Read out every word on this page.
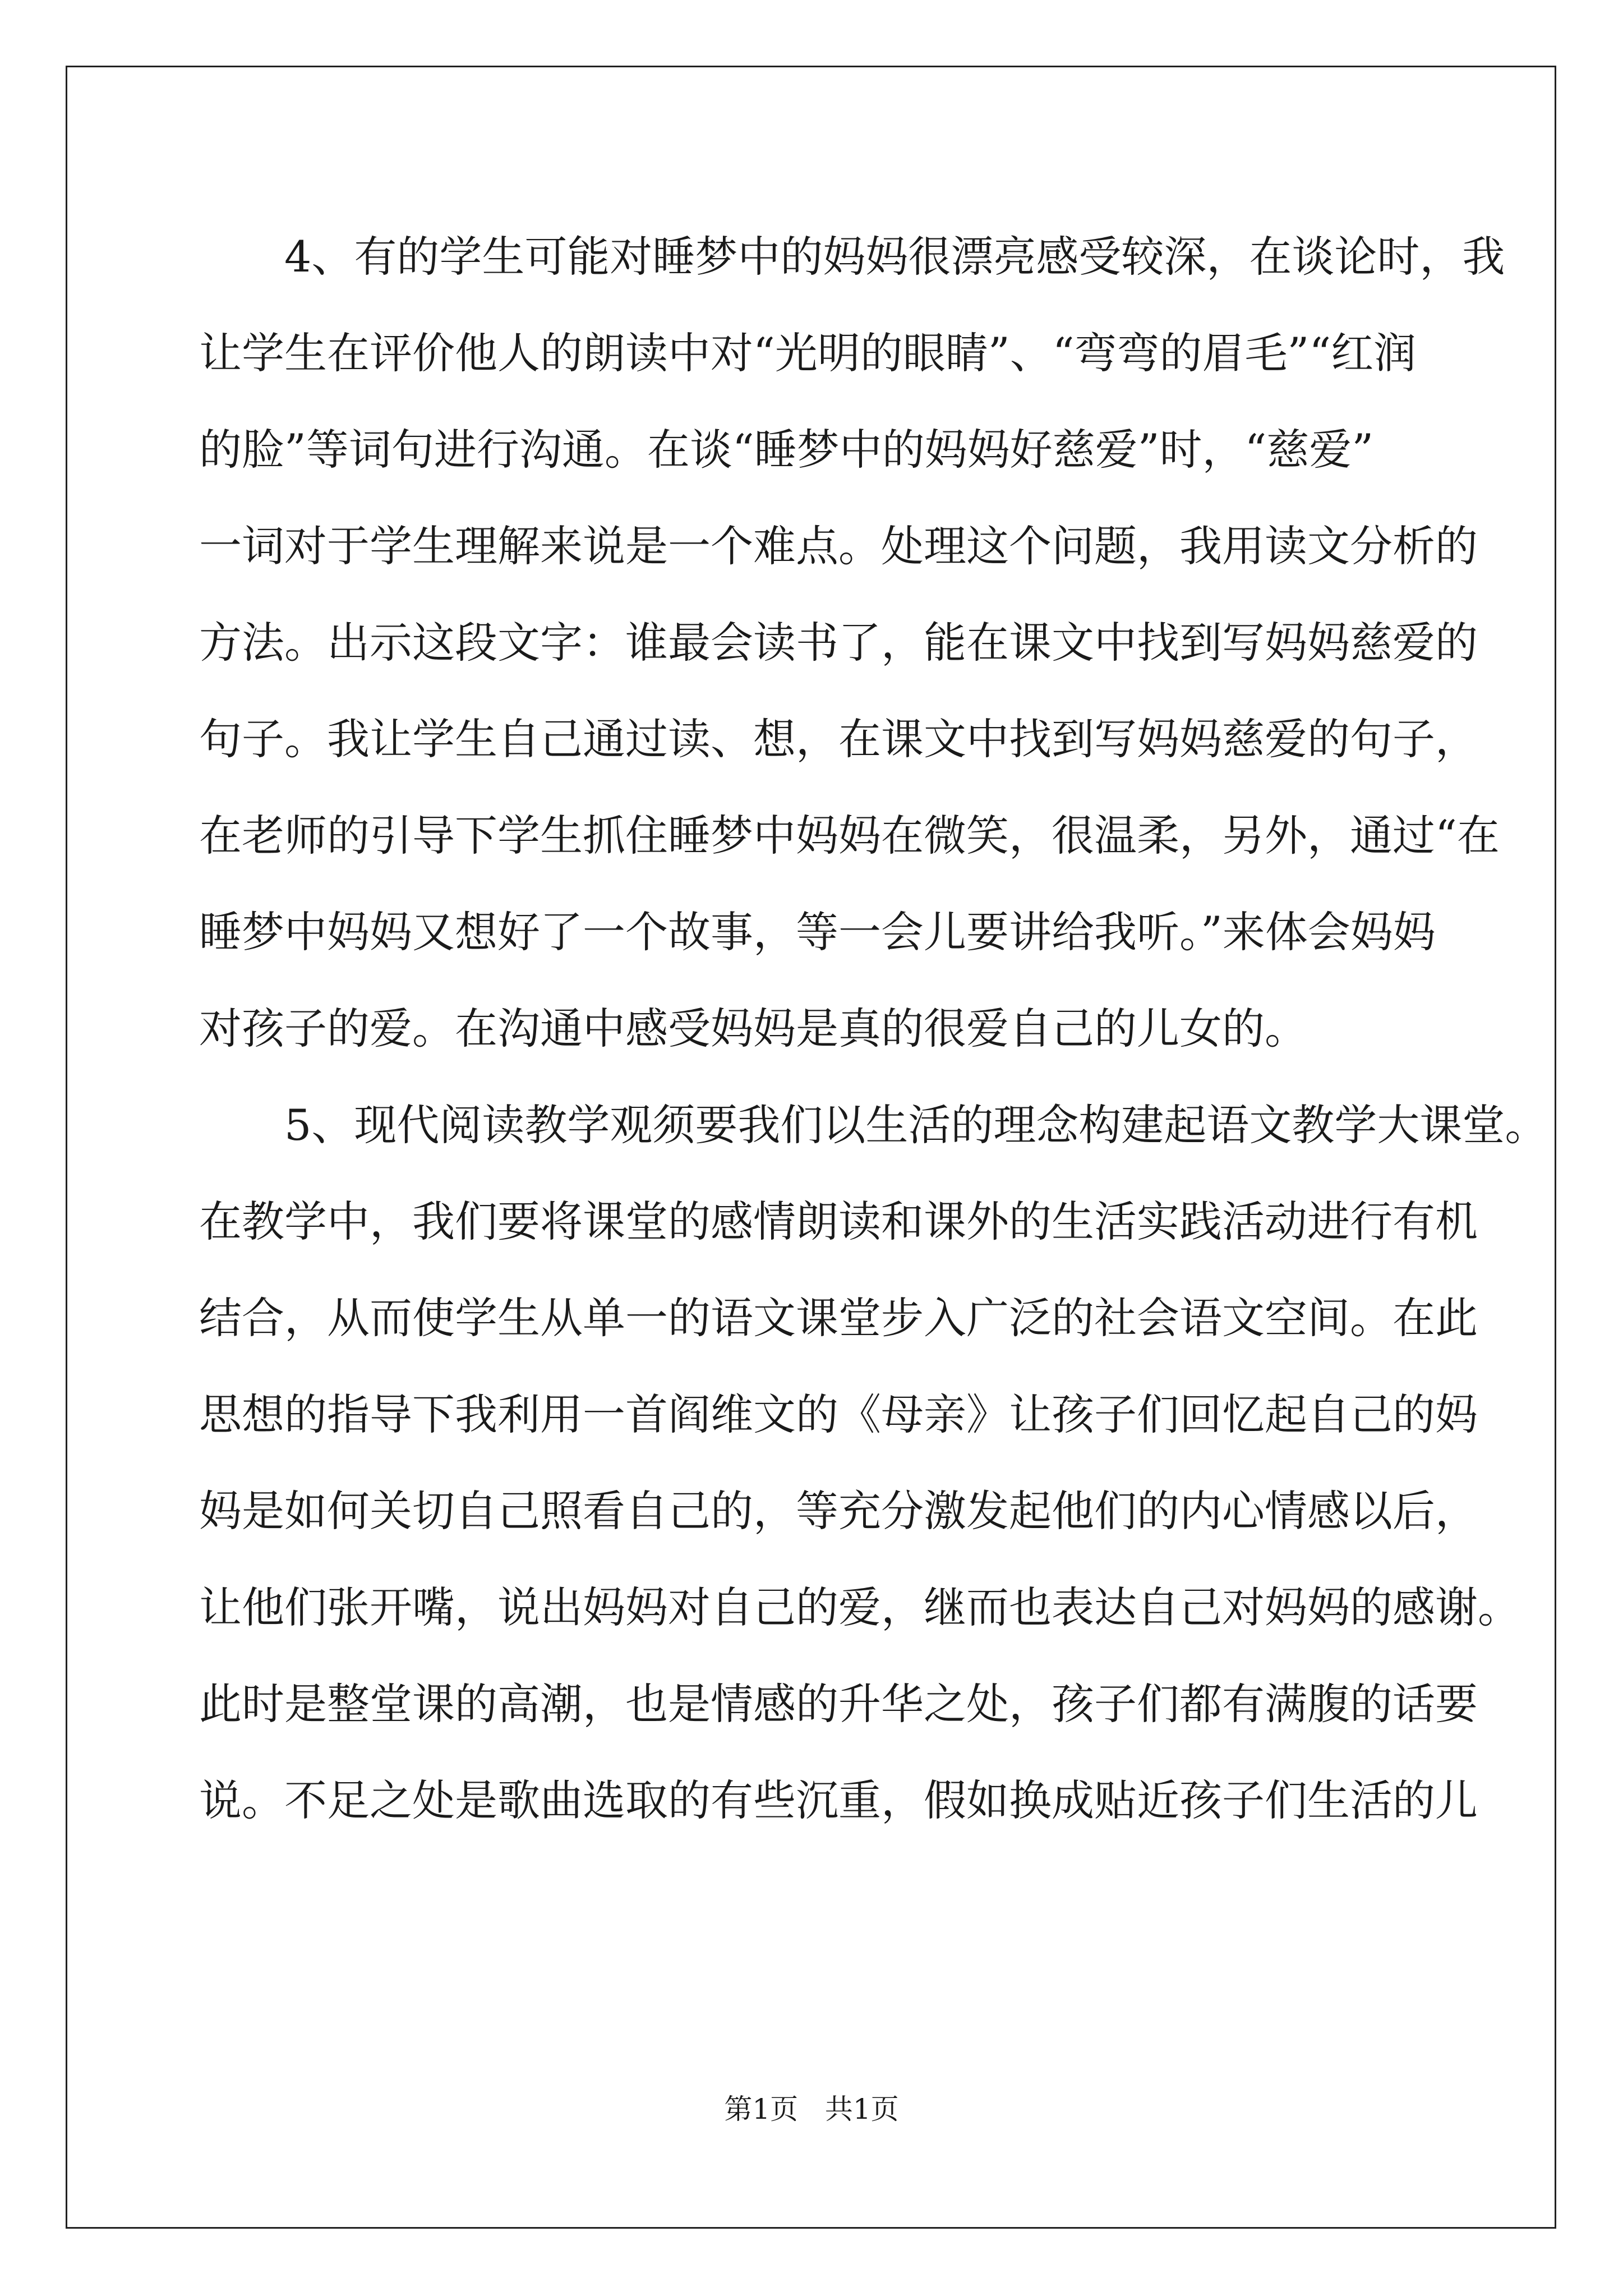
4、有的学生可能对睡梦中的妈妈很漂亮感受较深，在谈论时，我
让学生在评价他人的朗读中对“光明的眼睛”、“弯弯的眉毛”“红润
的脸”等词句进行沟通。在谈“睡梦中的妈妈好慈爱”时，“慈爱”
一词对于学生理解来说是一个难点。处理这个问题，我用读文分析的
方法。出示这段文字：谁最会读书了，能在课文中找到写妈妈慈爱的
句子。我让学生自己通过读、想，在课文中找到写妈妈慈爱的句子，
在老师的引导下学生抓住睡梦中妈妈在微笑，很温柔，另外，通过“在
睡梦中妈妈又想好了一个故事，等一会儿要讲给我听。”来体会妈妈
对孩子的爱。在沟通中感受妈妈是真的很爱自己的儿女的。
5、现代阅读教学观须要我们以生活的理念构建起语文教学大课堂。
在教学中，我们要将课堂的感情朗读和课外的生活实践活动进行有机
结合，从而使学生从单一的语文课堂步入广泛的社会语文空间。在此
思想的指导下我利用一首阎维文的《母亲》让孩子们回忆起自己的妈
妈是如何关切自己照看自己的，等充分激发起他们的内心情感以后，
让他们张开嘴，说出妈妈对自己的爱，继而也表达自己对妈妈的感谢。
此时是整堂课的高潮，也是情感的升华之处，孩子们都有满腹的话要
说。不足之处是歌曲选取的有些沉重，假如换成贴近孩子们生活的儿
第1页   共1页
